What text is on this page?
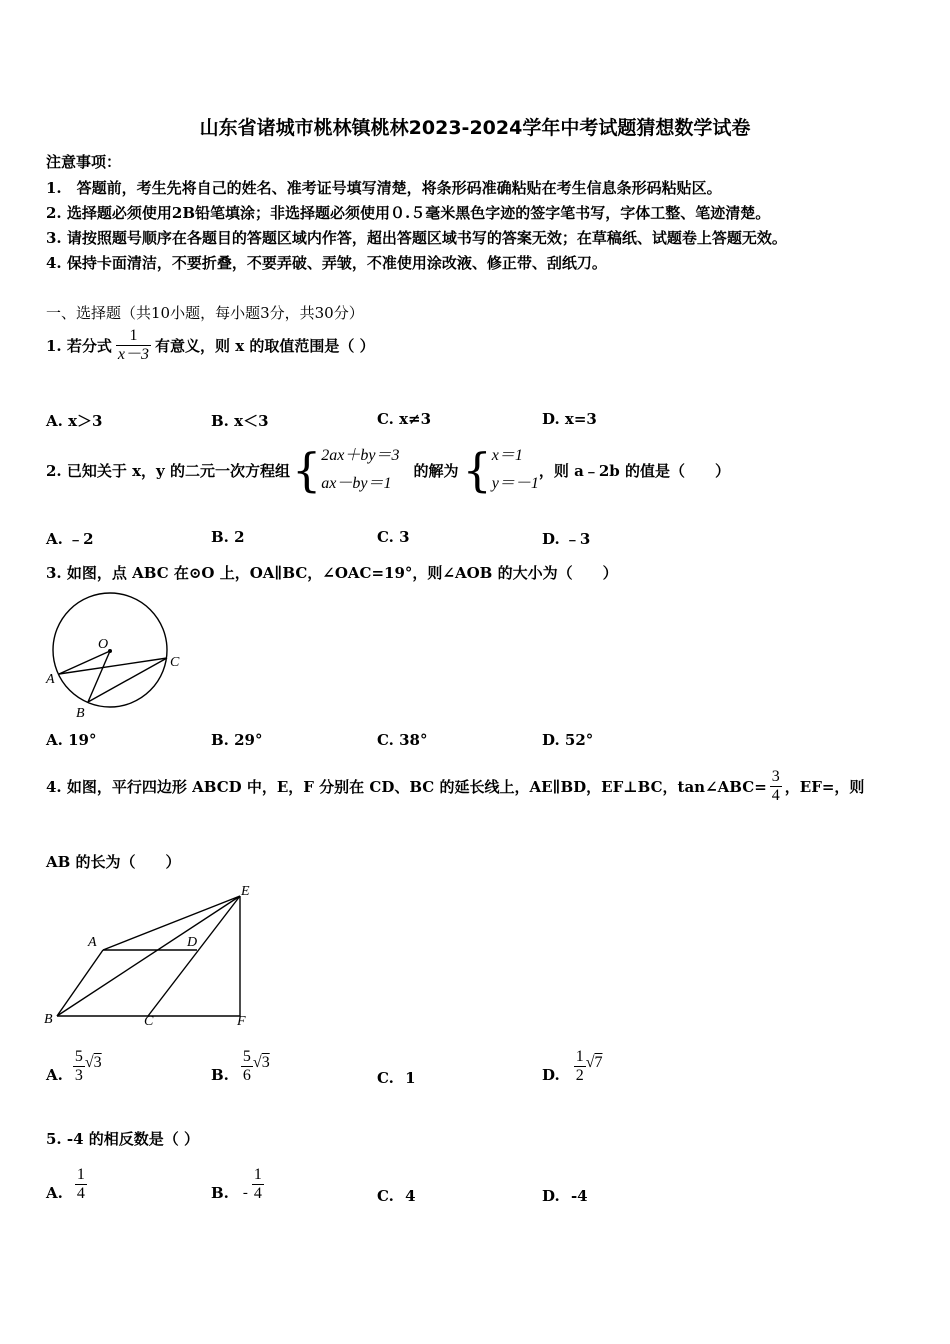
山东省诸城市桃林镇桃林2023-2024学年中考试题猜想数学试卷
注意事项：
1.　答题前，考生先将自己的姓名、准考证号填写清楚，将条形码准确粘贴在考生信息条形码粘贴区。
2. 选择题必须使用2B铅笔填涂；非选择题必须使用０.５毫米黑色字迹的签字笔书写，字体工整、笔迹清楚。
3. 请按照题号顺序在各题目的答题区域内作答，超出答题区域书写的答案无效；在草稿纸、试题卷上答题无效。
4. 保持卡面清洁，不要折叠，不要弄破、弄皱，不准使用涂改液、修正带、刮纸刀。
一、选择题（共10小题，每小题3分，共30分）
1. 若分式 $\frac{1}{x-3}$ 有意义，则 x 的取值范围是（ ）
A. x＞3	B. x＜3	C. x≠3	D. x=3
2. 已知关于 x，y 的二元一次方程组 { 2ax＋by＝3
ax－by＝1
的解为 { x＝1
y＝－1
，则 a﹣2b 的值是（　　）
A. ﹣2	B. 2	C. 3	D. ﹣3
3. 如图，点 ABC 在⊙O 上，OA∥BC，∠OAC=19°，则∠AOB 的大小为（　　）
O
A
B
C
A. 19°	B. 29°	C. 38°	D. 52°
4. 如图，平行四边形 ABCD 中，E，F 分别在 CD、BC 的延长线上，AE∥BD，EF⊥BC，tan∠ABC= $\frac{3}{4}$ ，EF=，则
AB 的长为（　　）
A
B	C
D
E
F
A. $\frac{5}{3} √3$
B. $\frac{5}{6} √3$
C. 1	D. $\frac{1}{2} √7$
5. -4 的相反数是（ ）
A. $\frac{1}{4}$	B. - $\frac{1}{4}$	C. 4	D. -4
